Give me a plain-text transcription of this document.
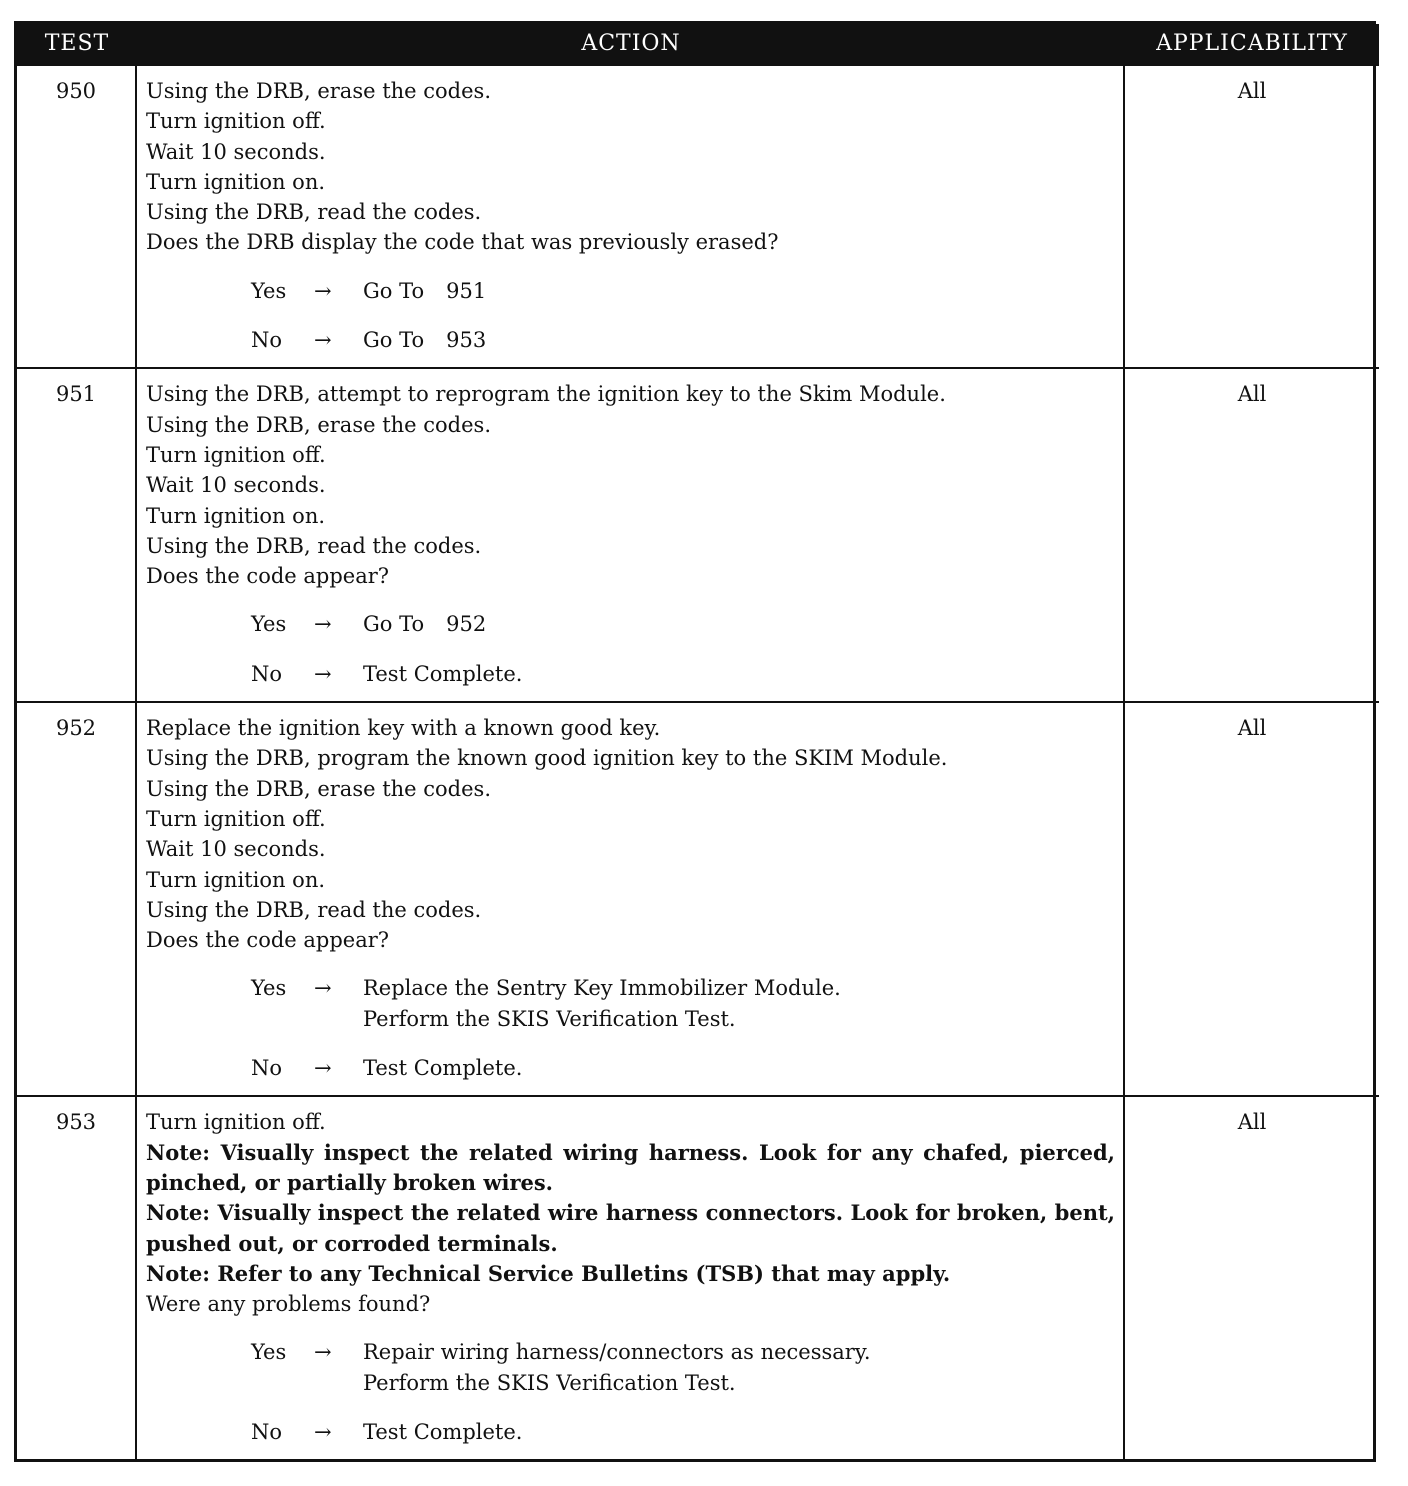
TEST	ACTION	APPLICABILITY
950	Using the DRB, erase the codes.
Turn ignition off.
Wait 10 seconds.
Turn ignition on.
Using the DRB, read the codes.
Does the DRB display the code that was previously erased?
Yes	→	Go To 951
No	→	Go To 953
All
951	Using the DRB, attempt to reprogram the ignition key to the Skim Module.
Using the DRB, erase the codes.
Turn ignition off.
Wait 10 seconds.
Turn ignition on.
Using the DRB, read the codes.
Does the code appear?
Yes	→	Go To 952
No	→	Test Complete.
All
952	Replace the ignition key with a known good key.
Using the DRB, program the known good ignition key to the SKIM Module.
Using the DRB, erase the codes.
Turn ignition off.
Wait 10 seconds.
Turn ignition on.
Using the DRB, read the codes.
Does the code appear?
Yes	→	Replace the Sentry Key Immobilizer Module.
Perform the SKIS Verification Test.
No	→	Test Complete.
All
953	Turn ignition off.
Note: Visually inspect the related wiring harness. Look for any chafed, pierced, pinched, or partially broken wires.
Note: Visually inspect the related wire harness connectors. Look for broken, bent, pushed out, or corroded terminals.
Note: Refer to any Technical Service Bulletins (TSB) that may apply.
Were any problems found?
Yes	→	Repair wiring harness/connectors as necessary.
Perform the SKIS Verification Test.
No	→	Test Complete.
All
